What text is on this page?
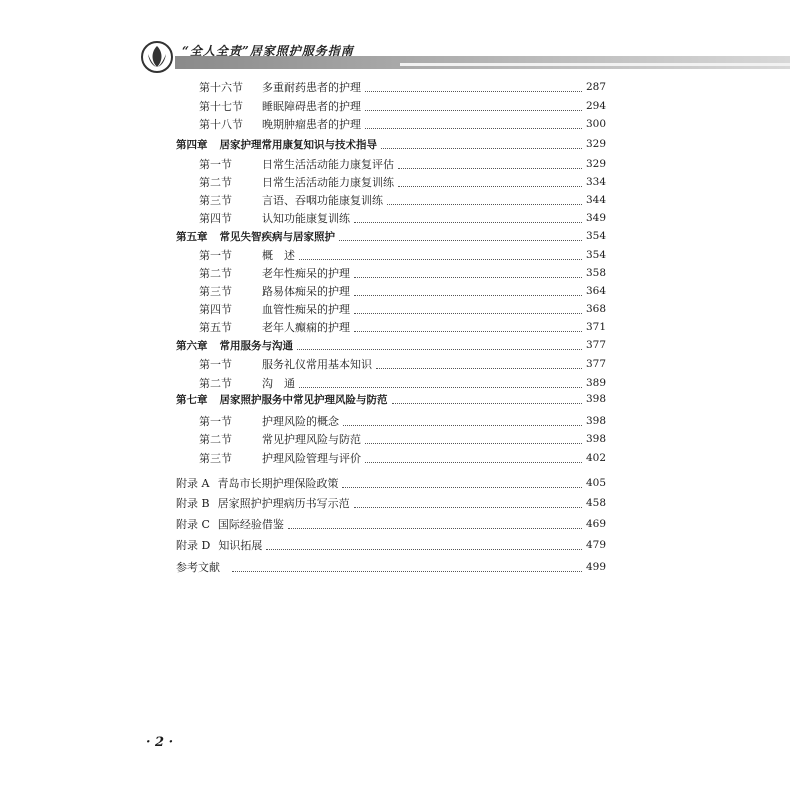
“全人全责”居家照护服务指南
第十六节	多重耐药患者的护理	287
第十七节	睡眠障碍患者的护理	294
第十八节	晚期肿瘤患者的护理	300
第四章 居家护理常用康复知识与技术指导	329
第一节	日常生活活动能力康复评估	329
第二节	日常生活活动能力康复训练	334
第三节	言语、吞咽功能康复训练	344
第四节	认知功能康复训练	349
第五章 常见失智疾病与居家照护	354
第一节	概　述	354
第二节	老年性痴呆的护理	358
第三节	路易体痴呆的护理	364
第四节	血管性痴呆的护理	368
第五节	老年人癫痫的护理	371
第六章 常用服务与沟通	377
第一节	服务礼仪常用基本知识	377
第二节	沟　通	389
第七章 居家照护服务中常见护理风险与防范	398
第一节	护理风险的概念	398
第二节	常见护理风险与防范	398
第三节	护理风险管理与评价	402
附录 A 青岛市长期护理保险政策	405
附录 B 居家照护护理病历书写示范	458
附录 C 国际经验借鉴	469
附录 D 知识拓展	479
参考文献	499
· 2 ·
